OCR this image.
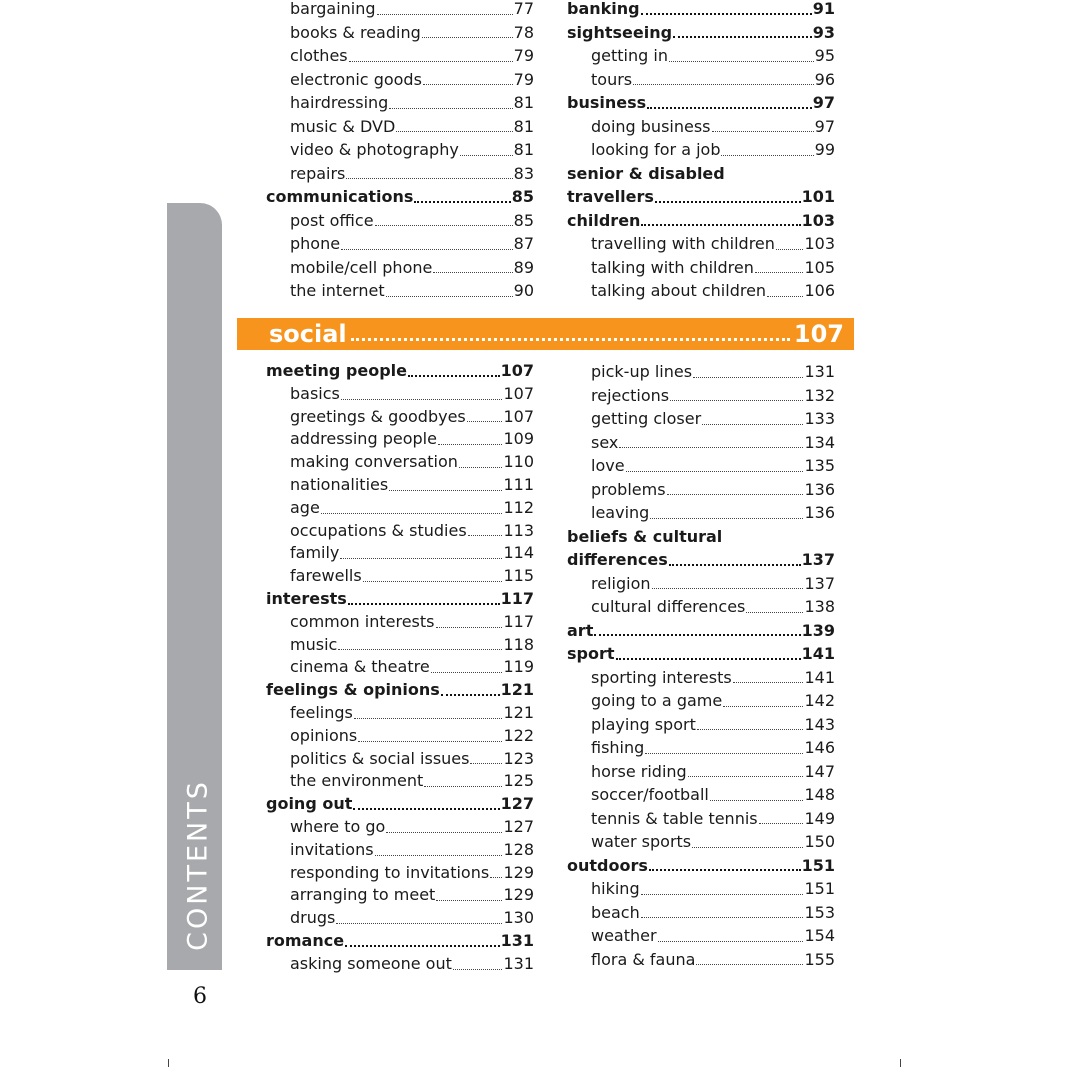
CONTENTS
6
bargaining	77
books & reading	78
clothes	79
electronic goods	79
hairdressing	81
music & DVD	81
video & photography	81
repairs	83
communications	85
post office	85
phone	87
mobile/cell phone	89
the internet	90
banking	91
sightseeing	93
getting in	95
tours	96
business	97
doing business	97
looking for a job	99
senior & disabled
travellers	101
children	103
travelling with children 103
talking with children	105
talking about children 106
social	107
meeting people	107
basics	107
greetings & goodbyes 107
addressing people	109
making conversation	110
nationalities	111
age	112
occupations & studies 113
family	114
farewells	115
interests	117
common interests	117
music	118
cinema & theatre	119
feelings & opinions	121
feelings	121
opinions	122
politics & social issues 123
the environment	125
going out	127
where to go	127
invitations	128
responding to invitations 129
arranging to meet	129
drugs	130
romance	131
asking someone out	131
pick-up lines	131
rejections	132
getting closer	133
sex	134
love	135
problems	136
leaving	136
beliefs & cultural
differences	137
religion	137
cultural differences	138
art	139
sport	141
sporting interests	141
going to a game	142
playing sport	143
fishing	146
horse riding	147
soccer/football	148
tennis & table tennis	149
water sports	150
outdoors	151
hiking	151
beach	153
weather	154
flora & fauna	155
